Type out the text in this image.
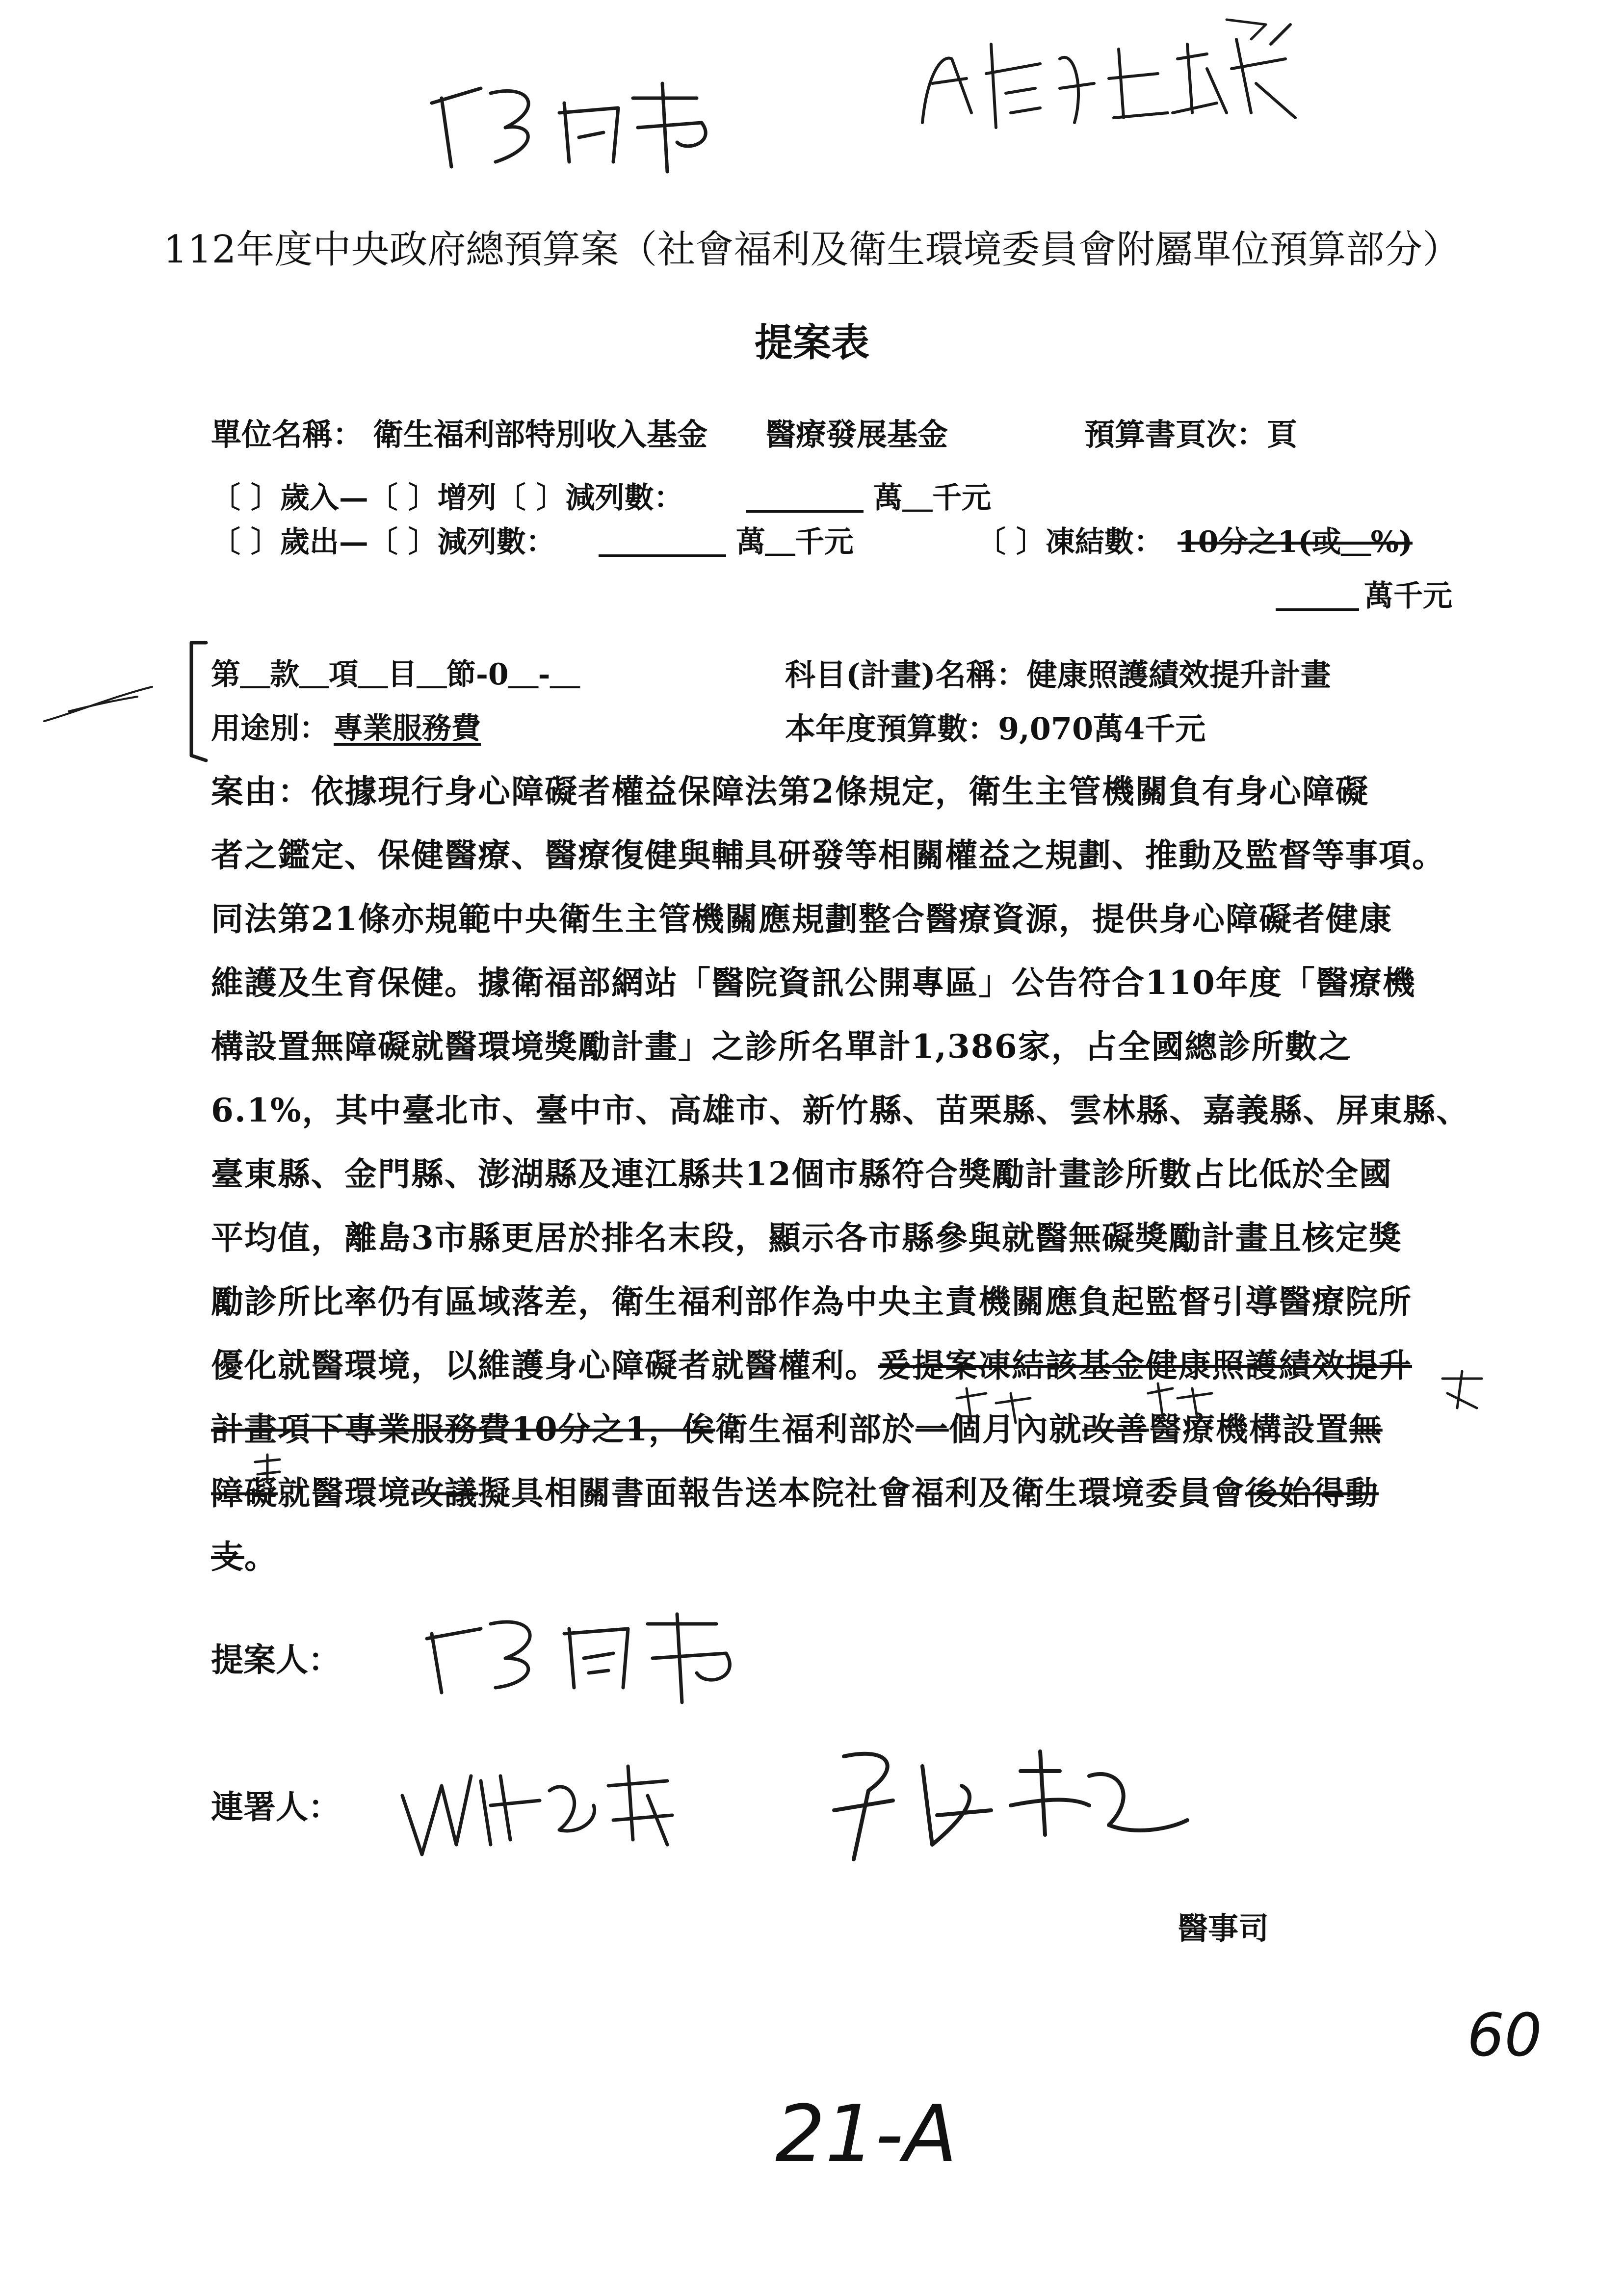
112年度中央政府總預算案（社會福利及衛生環境委員會附屬單位預算部分）
提案表
單位名稱： 衛生福利部特別收入基金 醫療發展基金	預算書頁次：頁
〔 〕歲入—〔 〕增列〔 〕減列數：	萬＿千元
〔 〕歲出—〔 〕減列數：	萬＿千元	〔 〕凍結數： 10分之1(或＿%)
萬千元
第＿款＿項＿目＿節-0＿-＿	科目(計畫)名稱：健康照護績效提升計畫
用途別： 專業服務費	本年度預算數：9,070萬4千元
案由：依據現行身心障礙者權益保障法第2條規定，衛生主管機關負有身心障礙
者之鑑定、保健醫療、醫療復健與輔具研發等相關權益之規劃、推動及監督等事項。
同法第21條亦規範中央衛生主管機關應規劃整合醫療資源，提供身心障礙者健康
維護及生育保健。據衛福部網站「醫院資訊公開專區」公告符合110年度「醫療機
構設置無障礙就醫環境獎勵計畫」之診所名單計1,386家，占全國總診所數之
6.1%，其中臺北市、臺中市、高雄市、新竹縣、苗栗縣、雲林縣、嘉義縣、屏東縣、
臺東縣、金門縣、澎湖縣及連江縣共12個市縣符合獎勵計畫診所數占比低於全國
平均值，離島3市縣更居於排名末段，顯示各市縣參與就醫無礙獎勵計畫且核定獎
勵診所比率仍有區域落差，衛生福利部作為中央主責機關應負起監督引導醫療院所
優化就醫環境，以維護身心障礙者就醫權利。爰提案凍結該基金健康照護績效提升
計畫項下專業服務費10分之1，俟衛生福利部於一個月內就改善醫療機構設置無
障礙就醫環境改議擬具相關書面報告送本院社會福利及衛生環境委員會後始得動
支。
提案人：
連署人：
醫事司
60
21-A
